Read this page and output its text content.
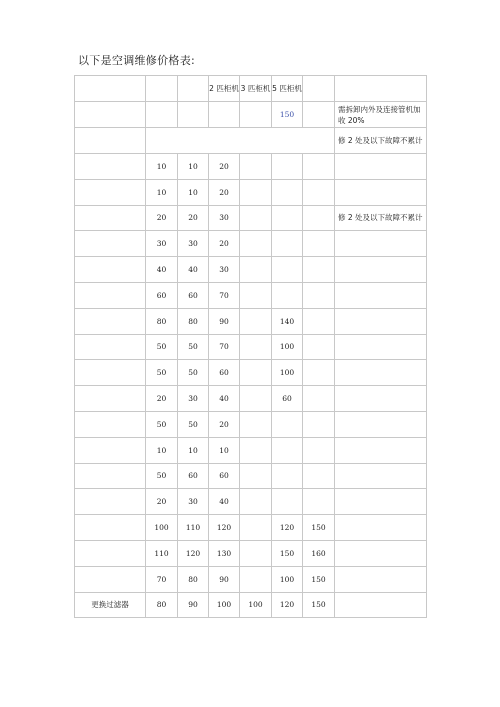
以下是空调维修价格表:
			2 匹柜机	3 匹柜机	5 匹柜机		
					150		需拆卸内外及连接管机加收 20%
							修 2 处及以下故障不累计
	10	10	20				
	10	10	20				
	20	20	30				修 2 处及以下故障不累计
	30	30	20				
	40	40	30				
	60	60	70				
	80	80	90		140		
	50	50	70		100		
	50	50	60		100		
	20	30	40		60		
	50	50	20				
	10	10	10				
	50	60	60				
	20	30	40				
	100	110	120		120	150	
	110	120	130		150	160	
	70	80	90		100	150	
更换过滤器	80	90	100	100	120	150	
